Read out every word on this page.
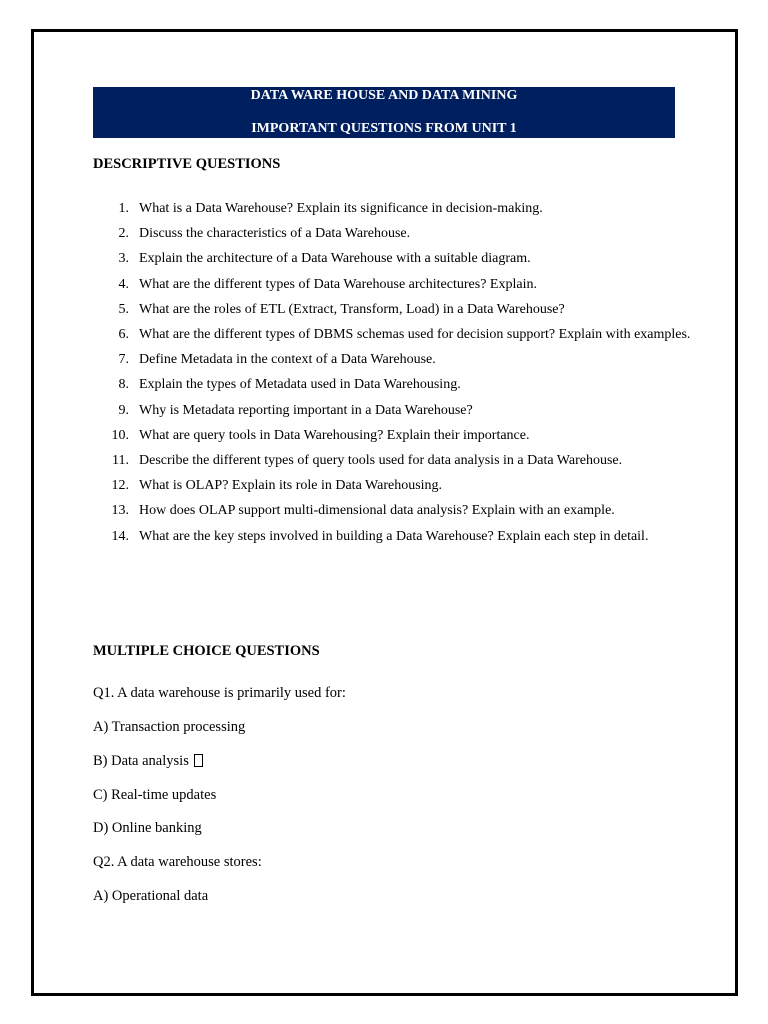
DATA WARE HOUSE AND DATA MINING
IMPORTANT QUESTIONS FROM UNIT 1
DESCRIPTIVE QUESTIONS
1. What is a Data Warehouse? Explain its significance in decision-making.
2. Discuss the characteristics of a Data Warehouse.
3. Explain the architecture of a Data Warehouse with a suitable diagram.
4. What are the different types of Data Warehouse architectures? Explain.
5. What are the roles of ETL (Extract, Transform, Load) in a Data Warehouse?
6. What are the different types of DBMS schemas used for decision support? Explain with examples.
7. Define Metadata in the context of a Data Warehouse.
8. Explain the types of Metadata used in Data Warehousing.
9. Why is Metadata reporting important in a Data Warehouse?
10. What are query tools in Data Warehousing? Explain their importance.
11. Describe the different types of query tools used for data analysis in a Data Warehouse.
12. What is OLAP? Explain its role in Data Warehousing.
13. How does OLAP support multi-dimensional data analysis? Explain with an example.
14. What are the key steps involved in building a Data Warehouse? Explain each step in detail.
MULTIPLE CHOICE QUESTIONS
Q1. A data warehouse is primarily used for:
A) Transaction processing
B) Data analysis
C) Real-time updates
D) Online banking
Q2. A data warehouse stores:
A) Operational data
